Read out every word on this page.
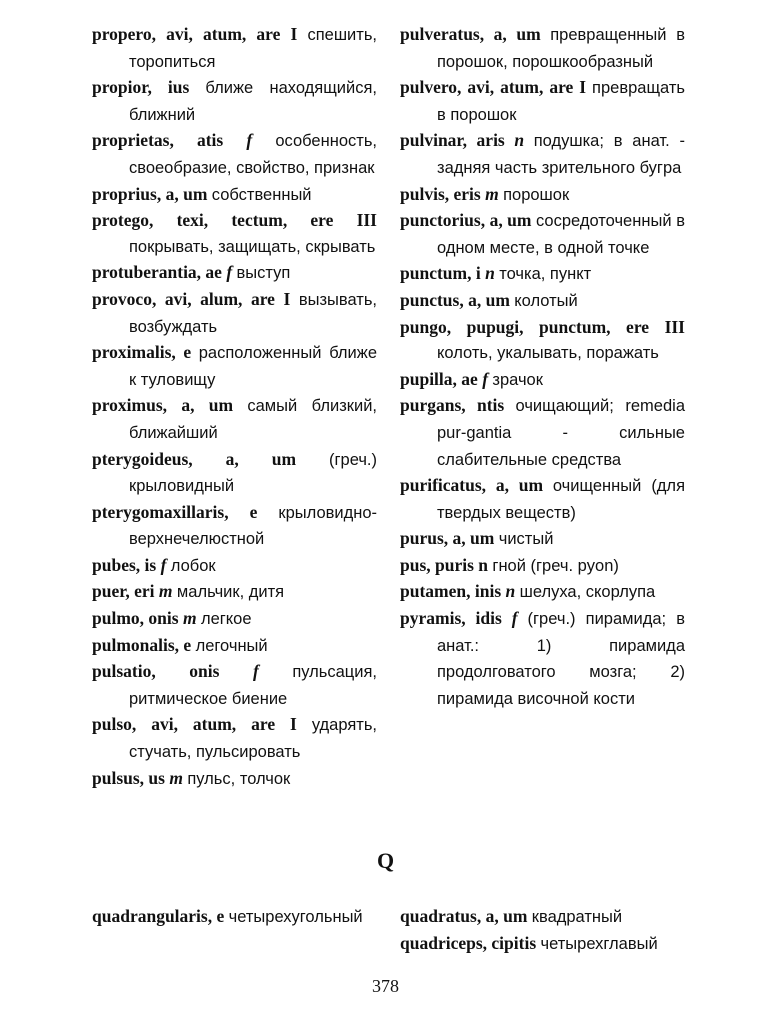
propero, avi, atum, are I спешить, торопиться
propior, ius ближе находящийся, ближний
proprietas, atis f особенность, своеобразие, свойство, признак
proprius, a, um собственный
protego, texi, tectum, ere III покрывать, защищать, скрывать
protuberantia, ae f выступ
provoco, avi, alum, are I вызывать, возбуждать
proximalis, e расположенный ближе к туловищу
proximus, a, um самый близкий, ближайший
pterygoideus, a, um (греч.) крыловидный
pterygomaxillaris, e крыловидно-верхнечелюстной
pubes, is f лобок
puer, eri m мальчик, дитя
pulmo, onis m легкое
pulmonalis, e легочный
pulsatio, onis f пульсация, ритмическое биение
pulso, avi, atum, are I ударять, стучать, пульсировать
pulsus, us m пульс, толчок
pulveratus, a, um превращенный в порошок, порошкообразный
pulvero, avi, atum, are I превращать в порошок
pulvinar, aris n подушка; в анат. - задняя часть зрительного бугра
pulvis, eris m порошок
punctorius, a, um сосредоточенный в одном месте, в одной точке
punctum, i n точка, пункт
punctus, a, um колотый
pungo, pupugi, punctum, ere III колоть, укалывать, поражать
pupilla, ae f зрачок
purgans, ntis очищающий; remedia pur-gantia - сильные слабительные средства
purificatus, a, um очищенный (для твердых веществ)
purus, a, um чистый
pus, puris n гной (греч. pyon)
putamen, inis n шелуха, скорлупа
pyramis, idis f (греч.) пирамида; в анат.: 1) пирамида продолговатого мозга; 2) пирамида височной кости
Q
quadrangularis, e четырехугольный	quadratus, a, um квадратный
quadriceps, cipitis четырехглавый
378
